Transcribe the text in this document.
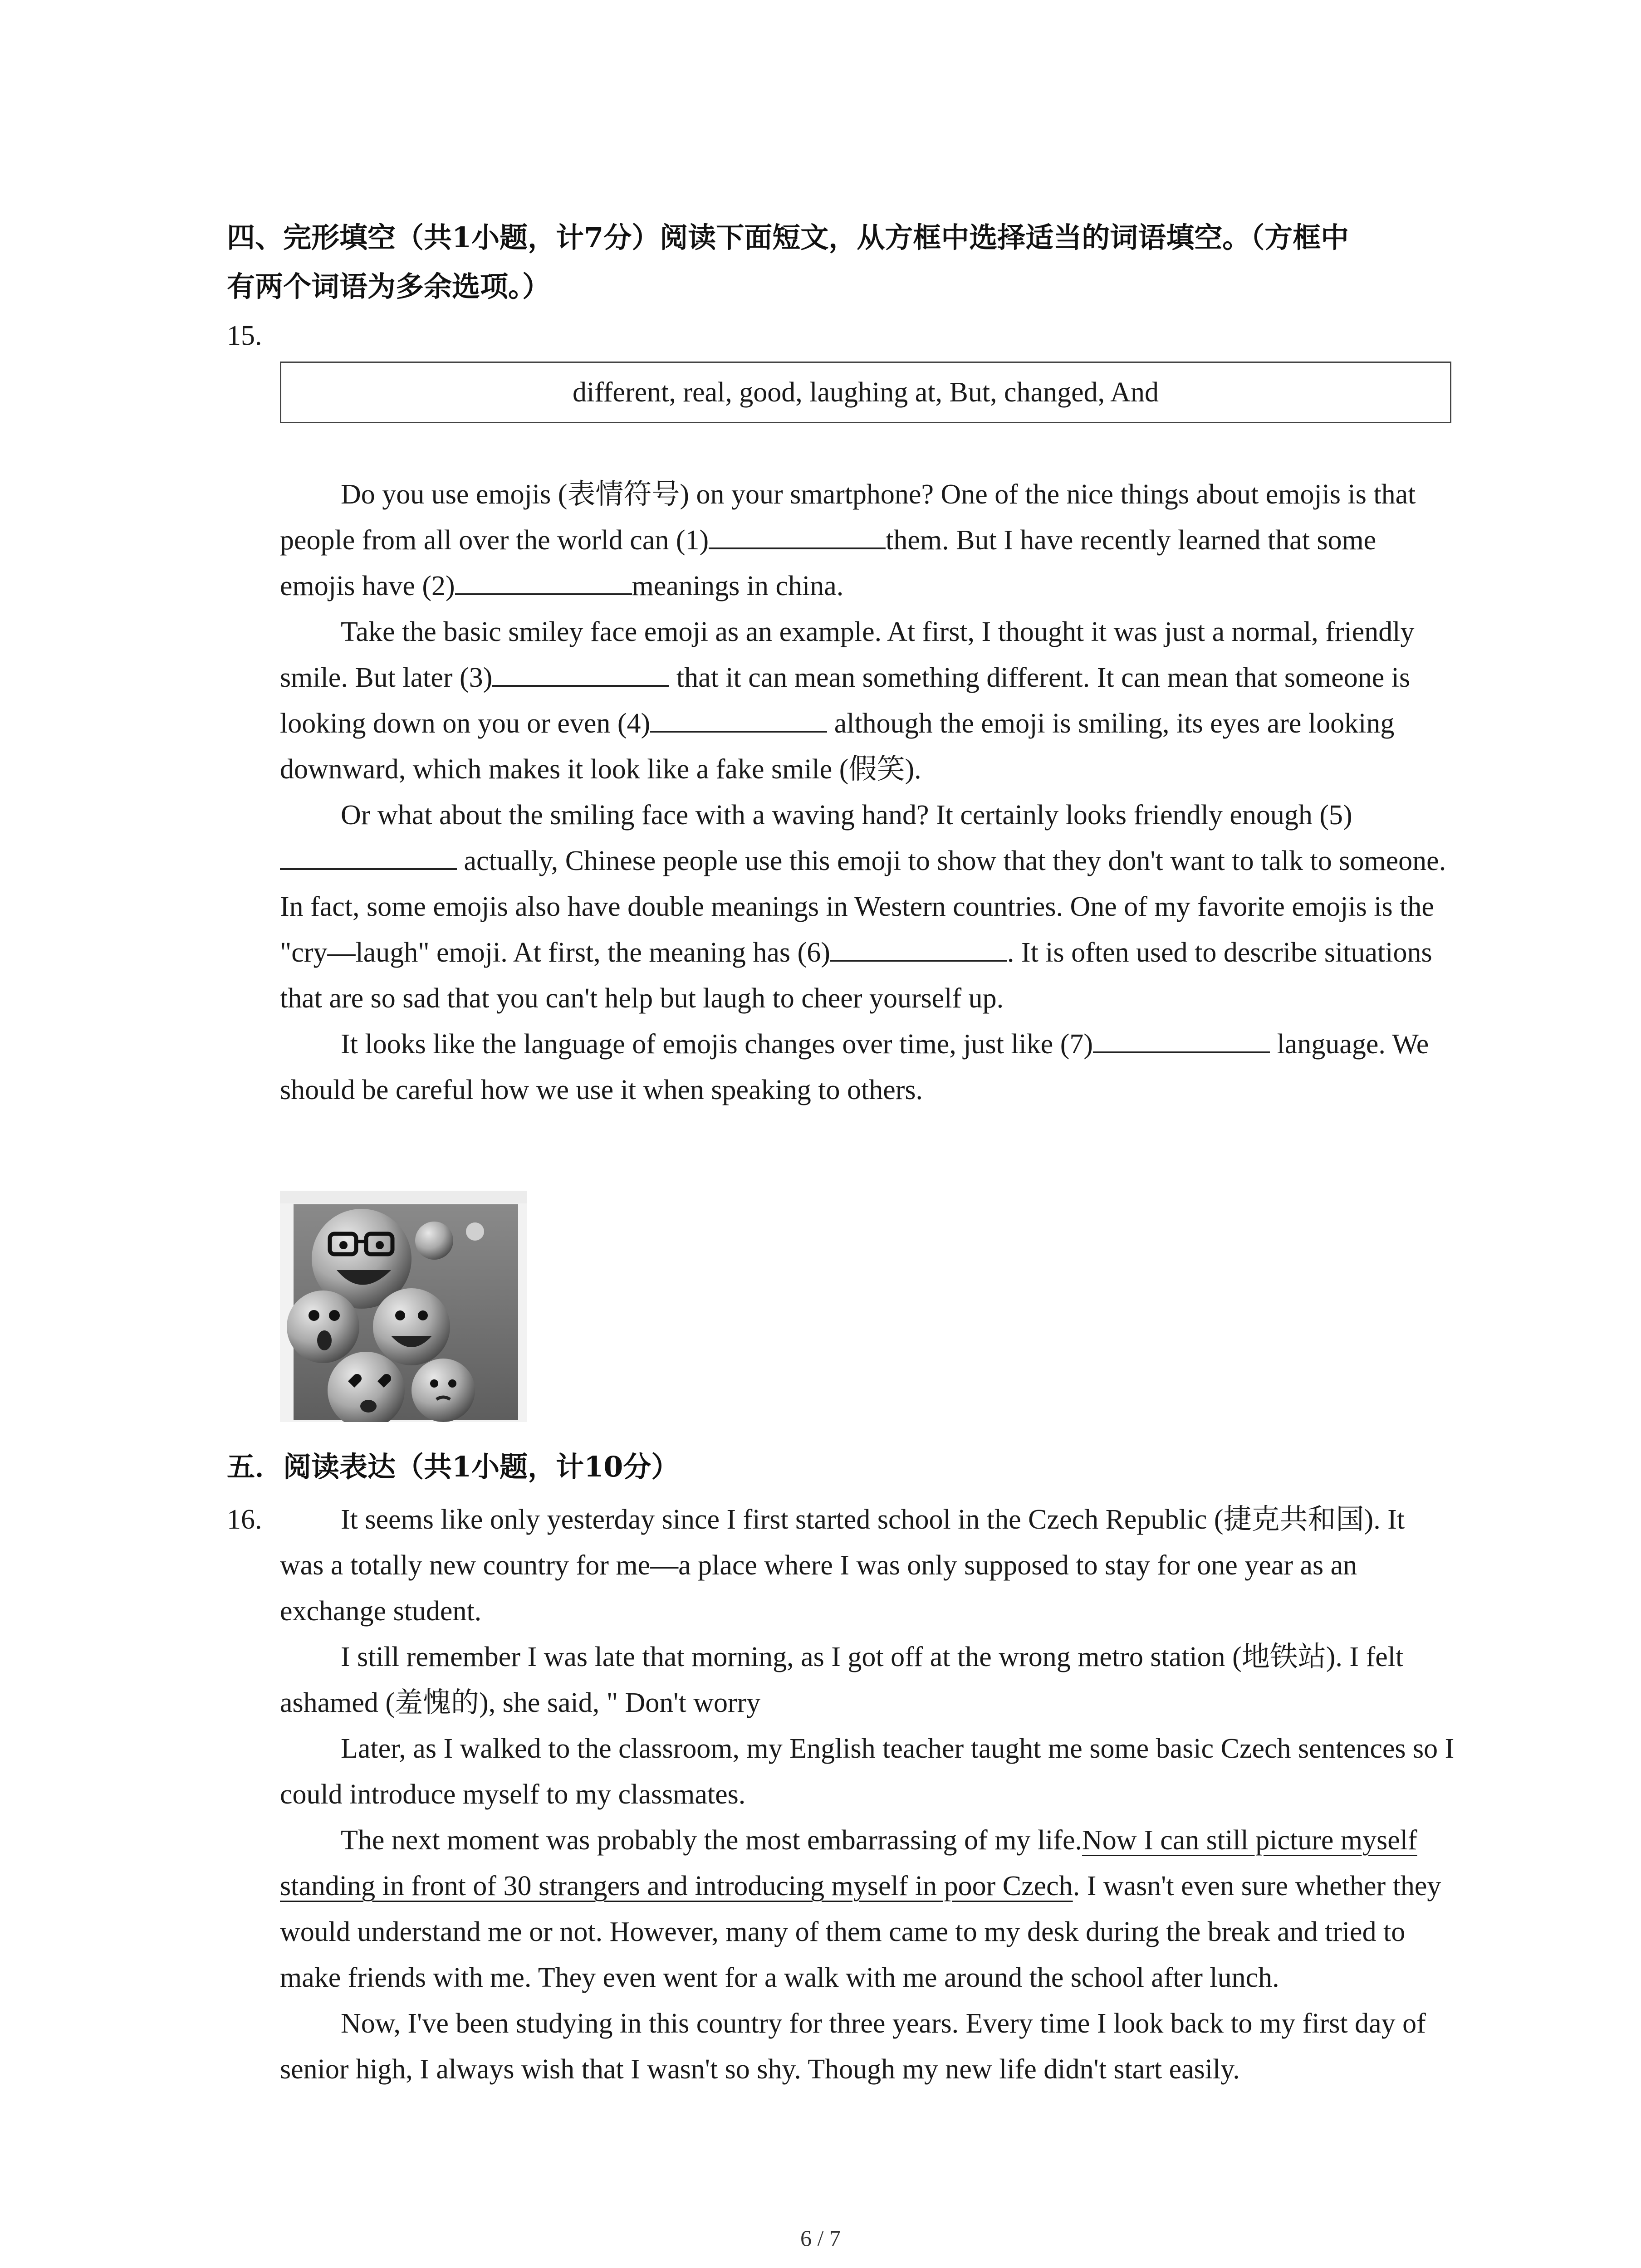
四、完形填空（共1小题，计7分）阅读下面短文，从方框中选择适当的词语填空。（方框中
有两个词语为多余选项。）
15.
different, real, good, laughing at, But, changed, And

Do you use emojis (表情符号) on your smartphone? One of the nice things about emojis is that people from all over the world can (1)	them. But I have recently learned that some emojis have (2)	meanings in china.

Take the basic smiley face emoji as an example. At first, I thought it was just a normal, friendly smile. But later (3)	that it can mean something different. It can mean that someone is looking down on you or even (4)	although the emoji is smiling, its eyes are looking downward, which makes it look like a fake smile (假笑).

Or what about the smiling face with a waving hand? It certainly looks friendly enough (5) actually, Chinese people use this emoji to show that they don't want to talk to someone. In fact, some emojis also have double meanings in Western countries. One of my favorite emojis is the "cry—laugh" emoji. At first, the meaning has (6)	. It is often used to describe situations that are so sad that you can't help but laugh to cheer yourself up.

It looks like the language of emojis changes over time, just like (7)	language. We should be careful how we use it when speaking to others.

五．阅读表达（共1小题，计10分）
16.	It seems like only yesterday since I first started school in the Czech Republic (捷克共和国). It was a totally new country for me—a place where I was only supposed to stay for one year as an exchange student.

I still remember I was late that morning, as I got off at the wrong metro station (地铁站). I felt ashamed (羞愧的), she said, " Don't worry

Later, as I walked to the classroom, my English teacher taught me some basic Czech sentences so I could introduce myself to my classmates.

The next moment was probably the most embarrassing of my life.Now I can still picture myself standing in front of 30 strangers and introducing myself in poor Czech. I wasn't even sure whether they would understand me or not. However, many of them came to my desk during the break and tried to make friends with me. They even went for a walk with me around the school after lunch.

Now, I've been studying in this country for three years. Every time I look back to my first day of senior high, I always wish that I wasn't so shy. Though my new life didn't start easily.

6 / 7
